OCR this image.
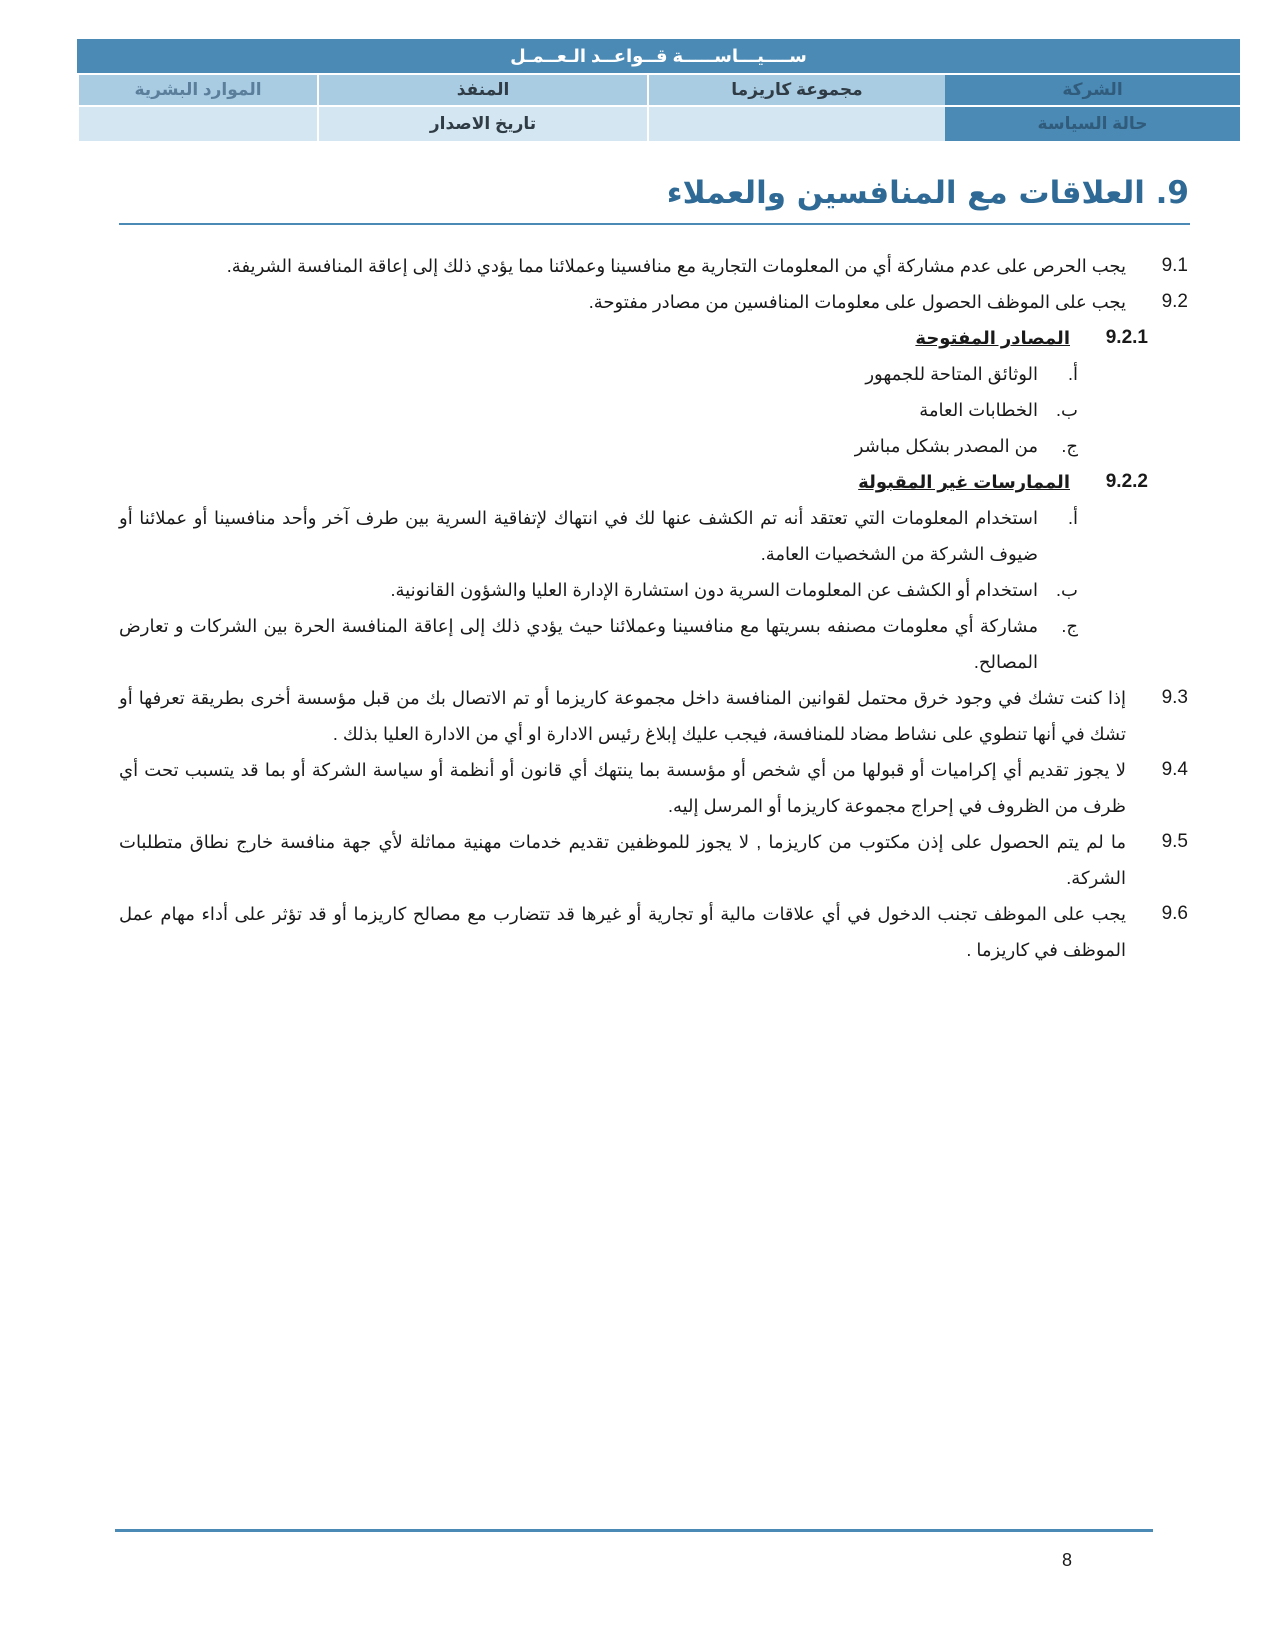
ســــيـــاســـــة قــواعــد الـعــمـل
الشركة
مجموعة كاريزما
المنفذ
الموارد البشرية
حالة السياسة
تاريخ الاصدار
9. العلاقات مع المنافسين والعملاء
9.1
يجب الحرص على عدم مشاركة أي من المعلومات التجارية مع منافسينا وعملائنا مما يؤدي ذلك إلى إعاقة المنافسة الشريفة.
9.2
يجب على الموظف الحصول على معلومات المنافسين من مصادر مفتوحة.
9.2.1
المصادر المفتوحة
أ.
الوثائق المتاحة للجمهور
ب.
الخطابات العامة
ج.
من المصدر بشكل مباشر
9.2.2
الممارسات غير المقبولة
أ.
استخدام المعلومات التي تعتقد أنه تم الكشف عنها لك في انتهاك لإتفاقية السرية بين طرف آخر وأحد منافسينا أو عملائنا أو ضيوف الشركة من الشخصيات العامة.
ب.
استخدام أو الكشف عن المعلومات السرية دون استشارة الإدارة العليا والشؤون القانونية.
ج.
مشاركة أي معلومات مصنفه بسريتها مع منافسينا وعملائنا حيث يؤدي ذلك إلى إعاقة المنافسة الحرة بين الشركات و تعارض المصالح.
9.3
إذا كنت تشك في وجود خرق محتمل لقوانين المنافسة داخل مجموعة كاريزما أو تم الاتصال بك من قبل مؤسسة أخرى بطريقة تعرفها أو تشك في أنها تنطوي على نشاط مضاد للمنافسة، فيجب عليك إبلاغ رئيس الادارة او أي من الادارة العليا بذلك .
9.4
لا يجوز تقديم أي إكراميات أو قبولها من أي شخص أو مؤسسة بما ينتهك أي قانون أو أنظمة أو سياسة الشركة أو بما قد يتسبب تحت أي ظرف من الظروف في إحراج مجموعة كاريزما أو المرسل إليه.
9.5
ما لم يتم الحصول على إذن مكتوب من كاريزما , لا يجوز للموظفين تقديم خدمات مهنية مماثلة لأي جهة منافسة خارج نطاق متطلبات الشركة.
9.6
يجب على الموظف تجنب الدخول في أي علاقات مالية أو تجارية أو غيرها قد تتضارب مع مصالح كاريزما أو قد تؤثر على أداء مهام عمل الموظف في كاريزما .
8
